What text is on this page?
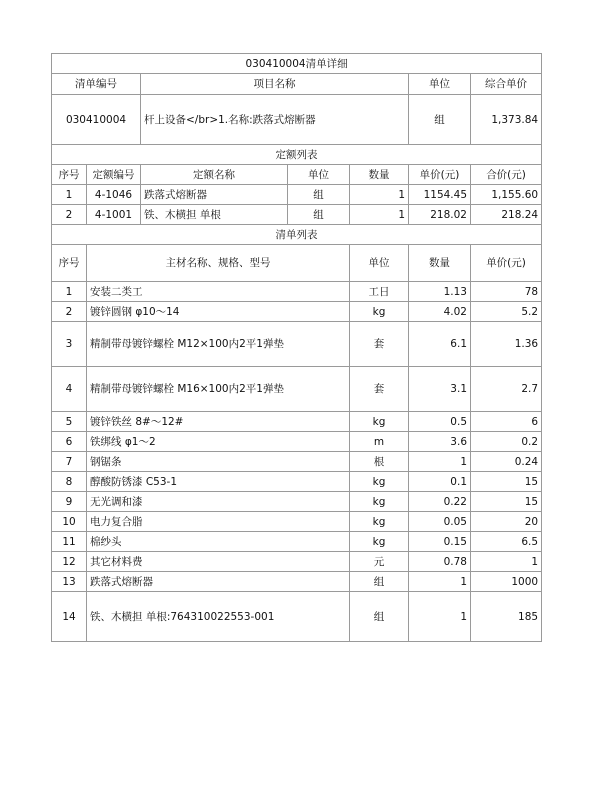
030410004清单详细							
清单编号		项目名称			单位	综合单价	
030410004		杆上设备</br>1.名称:跌落式熔断器			组	1,373.84	
定额列表							
序号	定额编号	定额名称	单位	数量	单价(元)	合价(元)	
1	4-1046	跌落式熔断器	组	1	1154.45	1,155.60	
2	4-1001	铁、木横担 单根	组	1	218.02	218.24	
清单列表							
序号	主材名称、规格、型号			单位	数量	单价(元)	
1	安装二类工			工日	1.13	78	
2	镀锌圆钢 φ10～14			kg	4.02	5.2	
3	精制带母镀锌螺栓 M12×100内2平1弹垫			套	6.1	1.36	
4	精制带母镀锌螺栓 M16×100内2平1弹垫			套	3.1	2.7	
5	镀锌铁丝 8#～12#			kg	0.5	6	
6	铁绑线 φ1～2			m	3.6	0.2	
7	钢锯条			根	1	0.24	
8	醇酸防锈漆 C53-1			kg	0.1	15	
9	无光调和漆			kg	0.22	15	
10	电力复合脂			kg	0.05	20	
11	棉纱头			kg	0.15	6.5	
12	其它材料费			元	0.78	1	
13	跌落式熔断器			组	1	1000	
14	铁、木横担 单根:764310022553-001			组	1	185	
